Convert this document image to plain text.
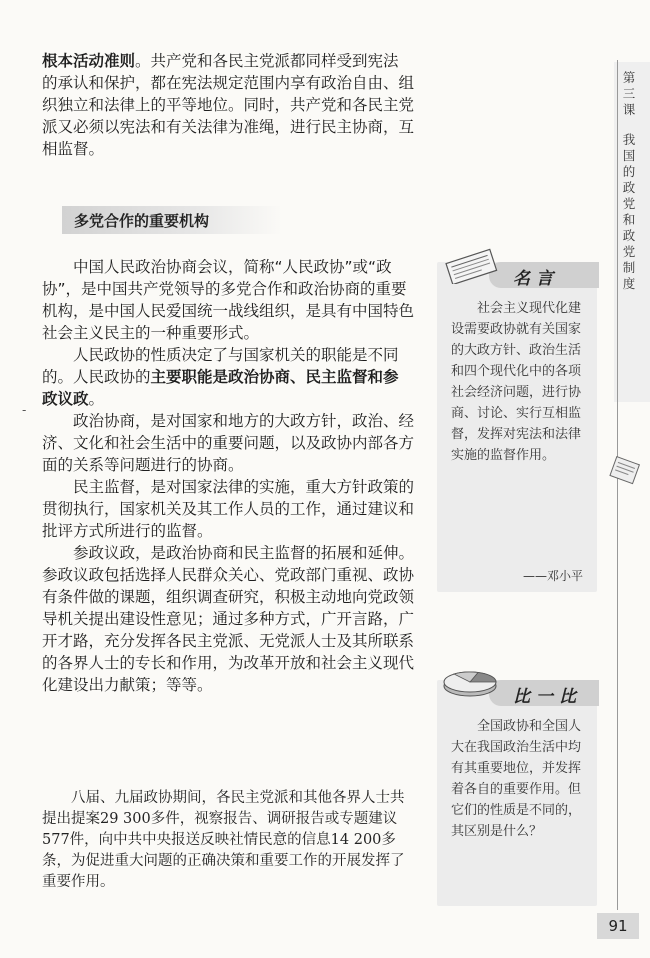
第三课
我国的政党和政党制度

根本活动准则。共产党和各民主党派都同样受到宪法的承认和保护，都在宪法规定范围内享有政治自由、组织独立和法律上的平等地位。同时，共产党和各民主党派又必须以宪法和有关法律为准绳，进行民主协商，互相监督。

多党合作的重要机构

中国人民政治协商会议，简称“人民政协”或“政协”，是中国共产党领导的多党合作和政治协商的重要机构，是中国人民爱国统一战线组织，是具有中国特色社会主义民主的一种重要形式。

人民政协的性质决定了与国家机关的职能是不同的。人民政协的主要职能是政治协商、民主监督和参政议政。

政治协商，是对国家和地方的大政方针，政治、经济、文化和社会生活中的重要问题，以及政协内部各方面的关系等问题进行的协商。

民主监督，是对国家法律的实施，重大方针政策的贯彻执行，国家机关及其工作人员的工作，通过建议和批评方式所进行的监督。

参政议政，是政治协商和民主监督的拓展和延伸。参政议政包括选择人民群众关心、党政部门重视、政协有条件做的课题，组织调查研究，积极主动地向党政领导机关提出建设性意见；通过多种方式，广开言路，广开才路，充分发挥各民主党派、无党派人士及其所联系的各界人士的专长和作用，为改革开放和社会主义现代化建设出力献策；等等。

-

八届、九届政协期间，各民主党派和其他各界人士共提出提案29 300多件，视察报告、调研报告或专题建议577件，向中共中央报送反映社情民意的信息14 200多条，为促进重大问题的正确决策和重要工作的开展发挥了重要作用。

名言
社会主义现代化建设需要政协就有关国家的大政方针、政治生活和四个现代化中的各项社会经济问题，进行协商、讨论、实行互相监督，发挥对宪法和法律实施的监督作用。
——邓小平
比一比
全国政协和全国人大在我国政治生活中均有其重要地位，并发挥着各自的重要作用。但它们的性质是不同的，其区别是什么？
91
